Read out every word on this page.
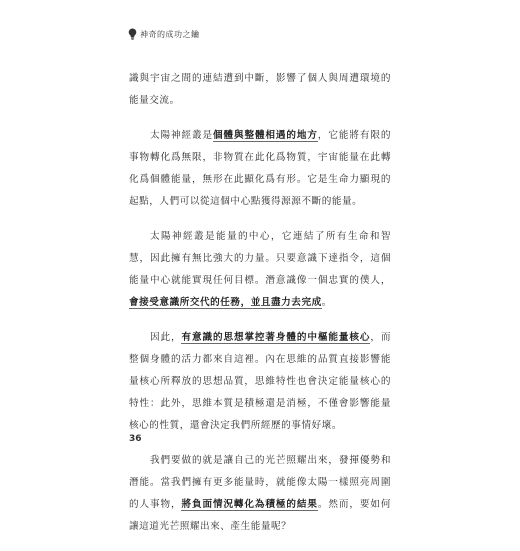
神奇的成功之鑰

識與宇宙之間的連結遭到中斷，影響了個人與周遭環境的能量交流。

太陽神經叢是個體與整體相遇的地方，它能將有限的事物轉化爲無限，非物質在此化爲物質，宇宙能量在此轉化爲個體能量，無形在此顯化爲有形。它是生命力顯現的起點，人們可以從這個中心點獲得源源不斷的能量。

太陽神經叢是能量的中心，它連結了所有生命和智慧，因此擁有無比強大的力量。只要意識下達指令，這個能量中心就能實現任何目標。潛意識像一個忠實的僕人，會接受意識所交代的任務，並且盡力去完成。

因此，有意識的思想掌控著身體的中樞能量核心，而整個身體的活力都來自這裡。內在思維的品質直接影響能量核心所釋放的思想品質，思維特性也會決定能量核心的特性：此外，思維本質是積極還是消極，不僅會影響能量核心的性質，還會決定我們所經歷的事情好壞。

我們要做的就是讓自己的光芒照耀出來，發揮優勢和潛能。當我們擁有更多能量時，就能像太陽一樣照亮周圍的人事物，將負面情況轉化為積極的結果。然而，要如何讓這道光芒照耀出來、產生能量呢？

36
